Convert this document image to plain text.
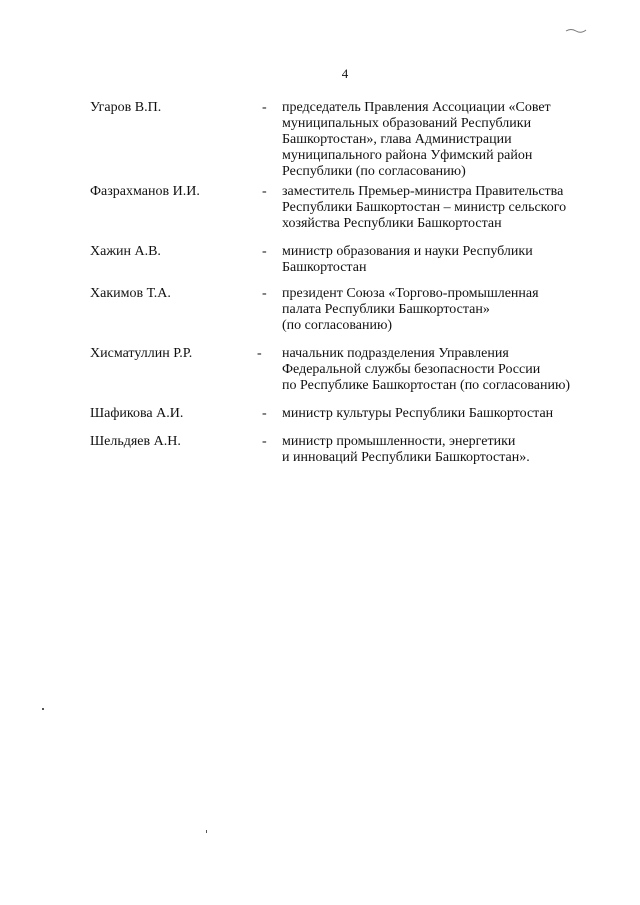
4
Угаров В.П.	- председатель Правления Ассоциации «Совет
муниципальных образований Республики
Башкортостан», глава Администрации
муниципального района Уфимский район
Республики (по согласованию)
Фазрахманов И.И.	- заместитель Премьер-министра Правительства
Республики Башкортостан – министр сельского
хозяйства Республики Башкортостан
Хажин А.В.	- министр образования и науки Республики
Башкортостан
Хакимов Т.А.	- президент Союза «Торгово-промышленная
палата Республики Башкортостан»
(по согласованию)
Хисматуллин Р.Р.	- начальник подразделения Управления
Федеральной службы безопасности России
по Республике Башкортостан (по согласованию)
Шафикова А.И.	- министр культуры Республики Башкортостан
Шельдяев А.Н.	- министр промышленности, энергетики
и инноваций Республики Башкортостан».
